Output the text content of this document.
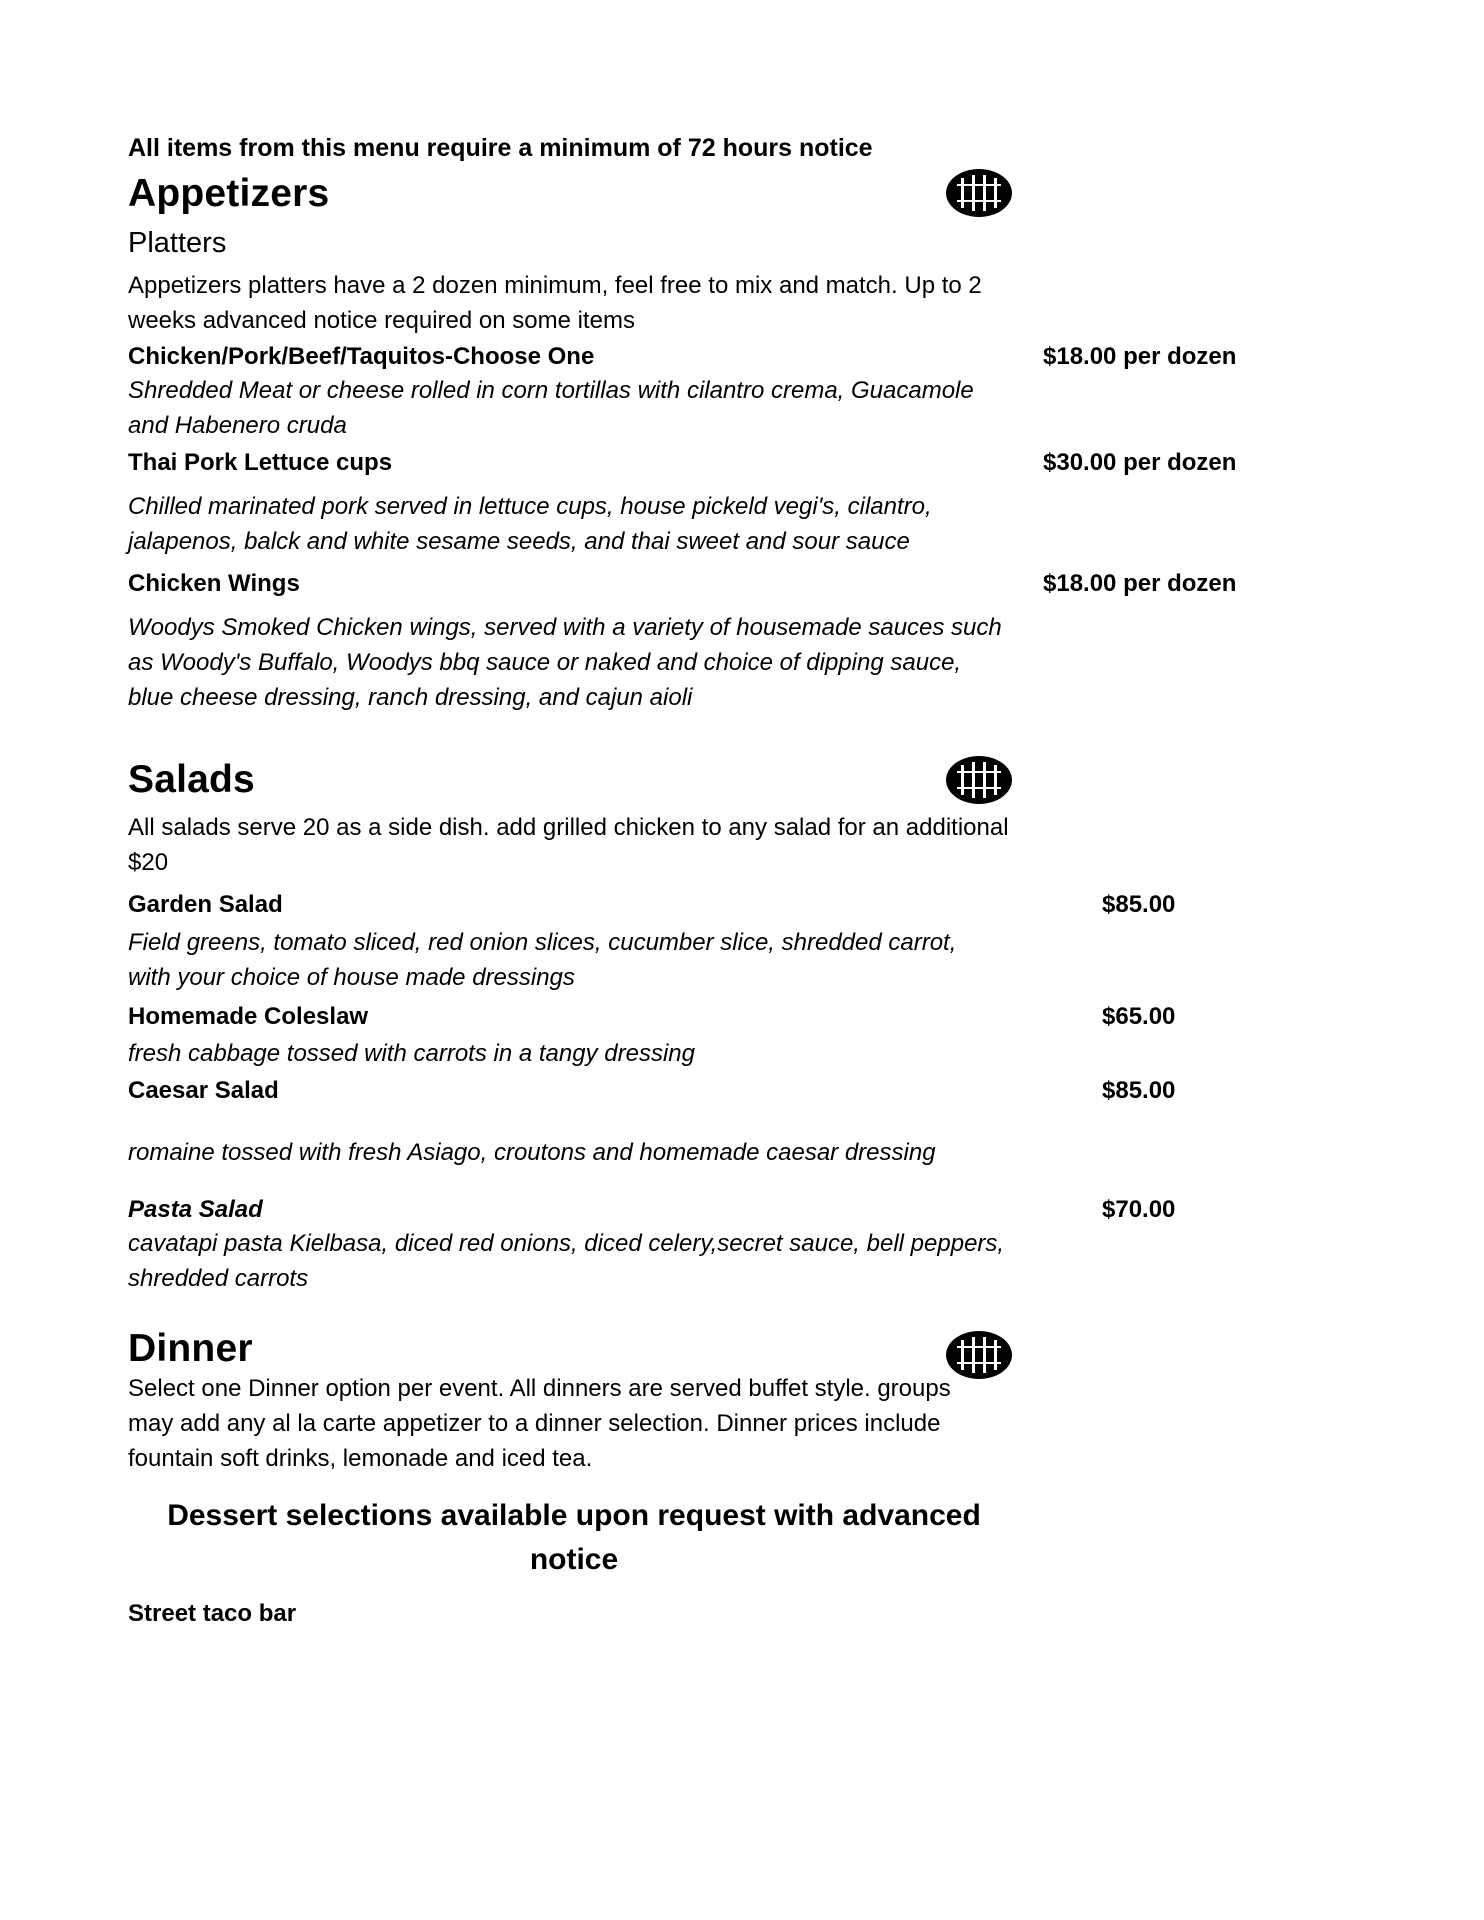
All items from this menu require a minimum of 72 hours notice
Appetizers
Platters
Appetizers platters have a 2 dozen minimum, feel free to mix and match. Up to 2
weeks advanced notice required on some items
Chicken/Pork/Beef/Taquitos-Choose One	$18.00 per dozen
Shredded Meat or cheese rolled in corn tortillas with cilantro crema, Guacamole
and Habenero cruda
Thai Pork Lettuce cups	$30.00 per dozen
Chilled marinated pork served in lettuce cups, house pickeld vegi's, cilantro,
jalapenos, balck and white sesame seeds, and thai sweet and sour sauce
Chicken Wings	$18.00 per dozen
Woodys Smoked Chicken wings, served with a variety of housemade sauces such
as Woody's Buffalo, Woodys bbq sauce or naked and choice of dipping sauce,
blue cheese dressing, ranch dressing, and cajun aioli
Salads
All salads serve 20 as a side dish. add grilled chicken to any salad for an additional
$20
Garden Salad	$85.00
Field greens, tomato sliced, red onion slices, cucumber slice, shredded carrot,
with your choice of house made dressings
Homemade Coleslaw	$65.00
fresh cabbage tossed with carrots in a tangy dressing
Caesar Salad	$85.00
romaine tossed with fresh Asiago, croutons and homemade caesar dressing
Pasta Salad	$70.00
cavatapi pasta Kielbasa, diced red onions, diced celery,secret sauce, bell peppers,
shredded carrots
Dinner
Select one Dinner option per event. All dinners are served buffet style. groups
may add any al la carte appetizer to a dinner selection. Dinner prices include
fountain soft drinks, lemonade and iced tea.
Dessert selections available upon request with advanced
notice
Street taco bar
